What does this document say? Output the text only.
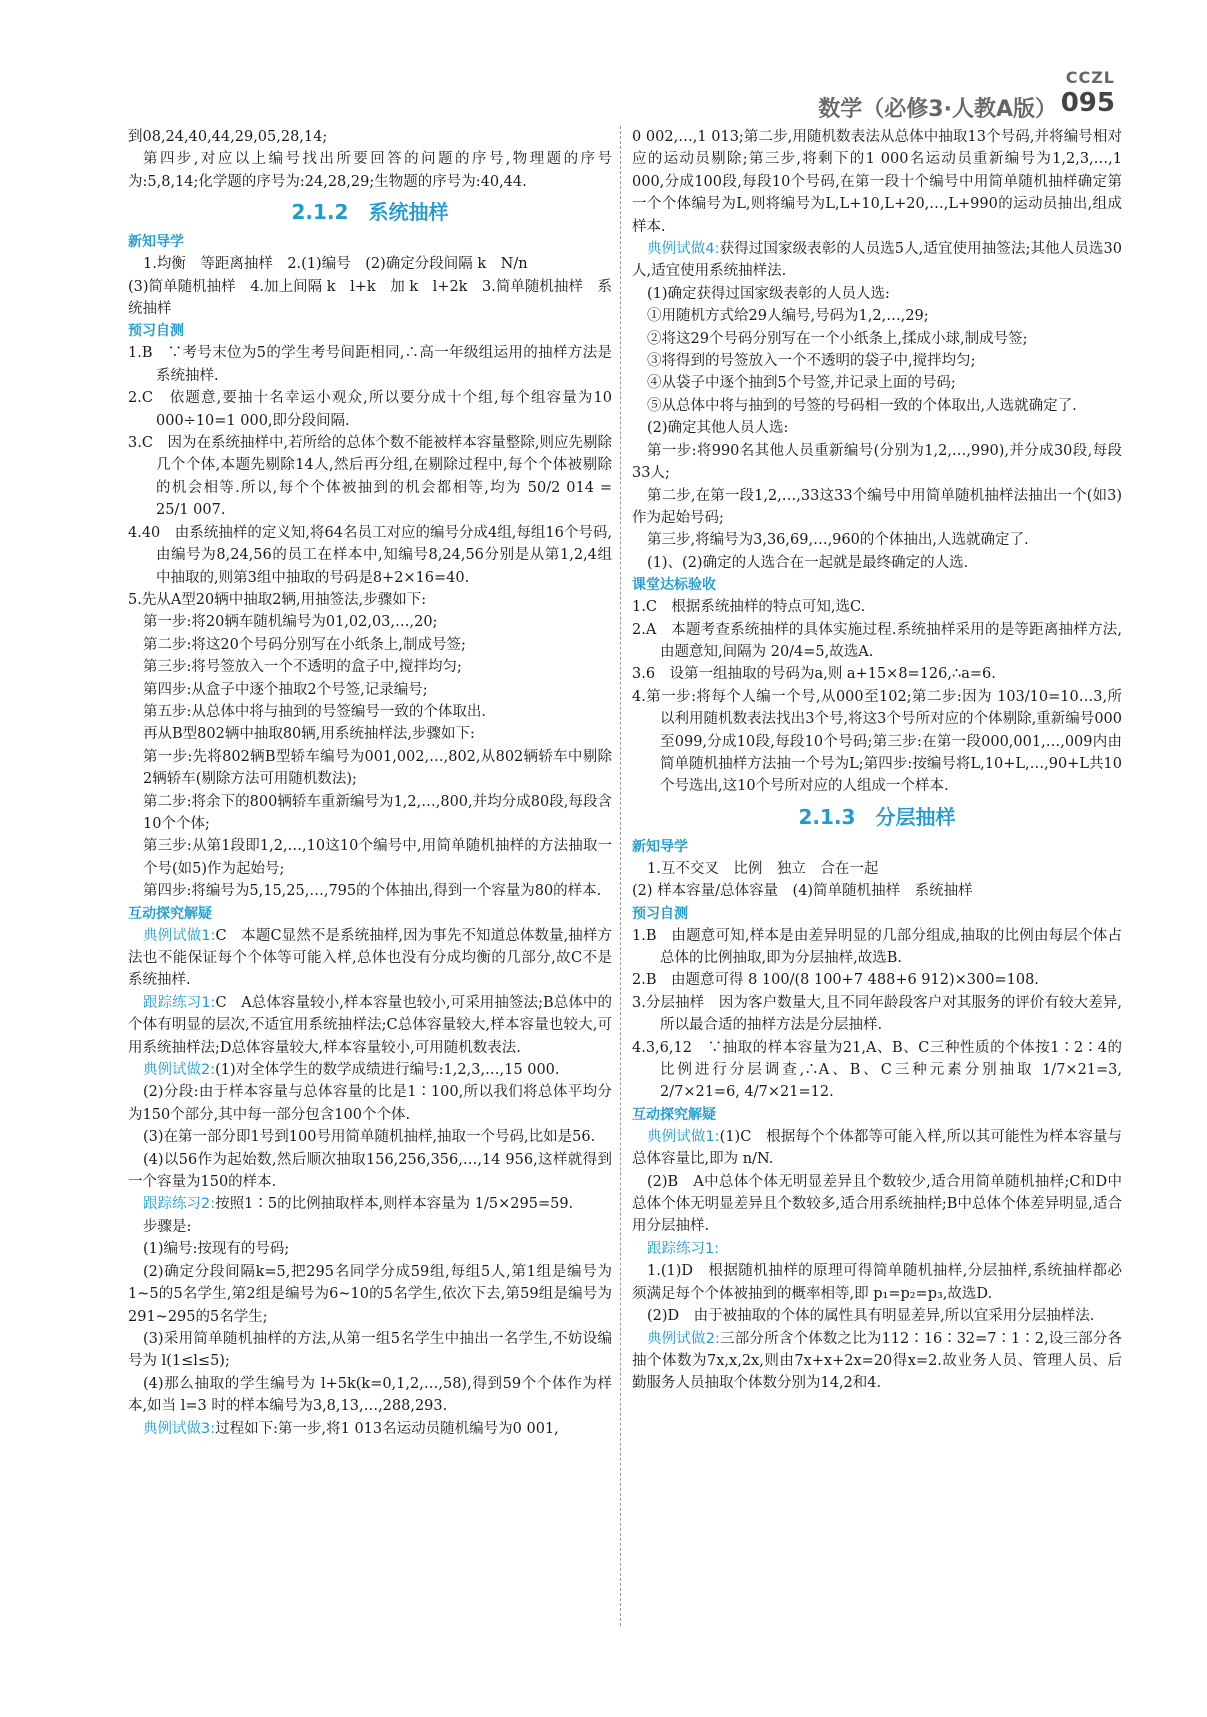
CCZL
数学（必修3·人教A版） 095
到08,24,40,44,29,05,28,14;
第四步,对应以上编号找出所要回答的问题的序号,物理题的序号为:5,8,14;化学题的序号为:24,28,29;生物题的序号为:40,44.
2.1.2　系统抽样
新知导学
1.均衡　等距离抽样　2.(1)编号　(2)确定分段间隔 k　N/n
(3)简单随机抽样　4.加上间隔 k　l+k　加 k　l+2k　3.简单随机抽样　系统抽样
预习自测
1.B　∵考号末位为5的学生考号间距相同,∴高一年级组运用的抽样方法是系统抽样.
2.C　依题意,要抽十名幸运小观众,所以要分成十个组,每个组容量为10 000÷10=1 000,即分段间隔.
3.C　因为在系统抽样中,若所给的总体个数不能被样本容量整除,则应先剔除几个个体,本题先剔除14人,然后再分组,在剔除过程中,每个个体被剔除的机会相等.所以,每个个体被抽到的机会都相等,均为 50/2 014 = 25/1 007.
4.40　由系统抽样的定义知,将64名员工对应的编号分成4组,每组16个号码,由编号为8,24,56的员工在样本中,知编号8,24,56分别是从第1,2,4组中抽取的,则第3组中抽取的号码是8+2×16=40.
5.先从A型20辆中抽取2辆,用抽签法,步骤如下:
第一步:将20辆车随机编号为01,02,03,…,20;
第二步:将这20个号码分别写在小纸条上,制成号签;
第三步:将号签放入一个不透明的盒子中,搅拌均匀;
第四步:从盒子中逐个抽取2个号签,记录编号;
第五步:从总体中将与抽到的号签编号一致的个体取出.
再从B型802辆中抽取80辆,用系统抽样法,步骤如下:
第一步:先将802辆B型轿车编号为001,002,…,802,从802辆轿车中剔除2辆轿车(剔除方法可用随机数法);
第二步:将余下的800辆轿车重新编号为1,2,…,800,并均分成80段,每段含10个个体;
第三步:从第1段即1,2,…,10这10个编号中,用简单随机抽样的方法抽取一个号(如5)作为起始号;
第四步:将编号为5,15,25,…,795的个体抽出,得到一个容量为80的样本.
互动探究解疑
典例试做1:C　本题C显然不是系统抽样,因为事先不知道总体数量,抽样方法也不能保证每个个体等可能入样,总体也没有分成均衡的几部分,故C不是系统抽样.
跟踪练习1:C　A总体容量较小,样本容量也较小,可采用抽签法;B总体中的个体有明显的层次,不适宜用系统抽样法;C总体容量较大,样本容量也较大,可用系统抽样法;D总体容量较大,样本容量较小,可用随机数表法.
典例试做2:(1)对全体学生的数学成绩进行编号:1,2,3,…,15 000.
(2)分段:由于样本容量与总体容量的比是1∶100,所以我们将总体平均分为150个部分,其中每一部分包含100个个体.
(3)在第一部分即1号到100号用简单随机抽样,抽取一个号码,比如是56.
(4)以56作为起始数,然后顺次抽取156,256,356,…,14 956,这样就得到一个容量为150的样本.
跟踪练习2:按照1∶5的比例抽取样本,则样本容量为 1/5×295=59.
步骤是:
(1)编号:按现有的号码;
(2)确定分段间隔k=5,把295名同学分成59组,每组5人,第1组是编号为1~5的5名学生,第2组是编号为6~10的5名学生,依次下去,第59组是编号为291~295的5名学生;
(3)采用简单随机抽样的方法,从第一组5名学生中抽出一名学生,不妨设编号为 l(1≤l≤5);
(4)那么抽取的学生编号为 l+5k(k=0,1,2,…,58),得到59个个体作为样本,如当 l=3 时的样本编号为3,8,13,…,288,293.
典例试做3:过程如下:第一步,将1 013名运动员随机编号为0 001,
0 002,…,1 013;第二步,用随机数表法从总体中抽取13个号码,并将编号相对应的运动员剔除;第三步,将剩下的1 000名运动员重新编号为1,2,3,…,1 000,分成100段,每段10个号码,在第一段十个编号中用简单随机抽样确定第一个个体编号为L,则将编号为L,L+10,L+20,…,L+990的运动员抽出,组成样本.
典例试做4:获得过国家级表彰的人员选5人,适宜使用抽签法;其他人员选30人,适宜使用系统抽样法.
(1)确定获得过国家级表彰的人员人选:
①用随机方式给29人编号,号码为1,2,…,29;
②将这29个号码分别写在一个小纸条上,揉成小球,制成号签;
③将得到的号签放入一个不透明的袋子中,搅拌均匀;
④从袋子中逐个抽到5个号签,并记录上面的号码;
⑤从总体中将与抽到的号签的号码相一致的个体取出,人选就确定了.
(2)确定其他人员人选:
第一步:将990名其他人员重新编号(分别为1,2,…,990),并分成30段,每段33人;
第二步,在第一段1,2,…,33这33个编号中用简单随机抽样法抽出一个(如3)作为起始号码;
第三步,将编号为3,36,69,…,960的个体抽出,人选就确定了.
(1)、(2)确定的人选合在一起就是最终确定的人选.
课堂达标验收
1.C　根据系统抽样的特点可知,选C.
2.A　本题考查系统抽样的具体实施过程.系统抽样采用的是等距离抽样方法,由题意知,间隔为 20/4=5,故选A.
3.6　设第一组抽取的号码为a,则 a+15×8=126,∴a=6.
4.第一步:将每个人编一个号,从000至102;第二步:因为 103/10=10…3,所以利用随机数表法找出3个号,将这3个号所对应的个体剔除,重新编号000至099,分成10段,每段10个号码;第三步:在第一段000,001,…,009内由简单随机抽样方法抽一个号为L;第四步:按编号将L,10+L,…,90+L共10个号选出,这10个号所对应的人组成一个样本.
2.1.3　分层抽样
新知导学
1.互不交叉　比例　独立　合在一起
(2) 样本容量/总体容量　(4)简单随机抽样　系统抽样
预习自测
1.B　由题意可知,样本是由差异明显的几部分组成,抽取的比例由每层个体占总体的比例抽取,即为分层抽样,故选B.
2.B　由题意可得 8 100/(8 100+7 488+6 912)×300=108.
3.分层抽样　因为客户数量大,且不同年龄段客户对其服务的评价有较大差异,所以最合适的抽样方法是分层抽样.
4.3,6,12　∵抽取的样本容量为21,A、B、C三种性质的个体按1∶2∶4的比例进行分层调查,∴A、B、C三种元素分别抽取 1/7×21=3, 2/7×21=6, 4/7×21=12.
互动探究解疑
典例试做1:(1)C　根据每个个体都等可能入样,所以其可能性为样本容量与总体容量比,即为 n/N.
(2)B　A中总体个体无明显差异且个数较少,适合用简单随机抽样;C和D中总体个体无明显差异且个数较多,适合用系统抽样;B中总体个体差异明显,适合用分层抽样.
跟踪练习1:
1.(1)D　根据随机抽样的原理可得简单随机抽样,分层抽样,系统抽样都必须满足每个个体被抽到的概率相等,即 p₁=p₂=p₃,故选D.
(2)D　由于被抽取的个体的属性具有明显差异,所以宜采用分层抽样法.
典例试做2:三部分所含个体数之比为112∶16∶32=7∶1∶2,设三部分各抽个体数为7x,x,2x,则由7x+x+2x=20得x=2.故业务人员、管理人员、后勤服务人员抽取个体数分别为14,2和4.
